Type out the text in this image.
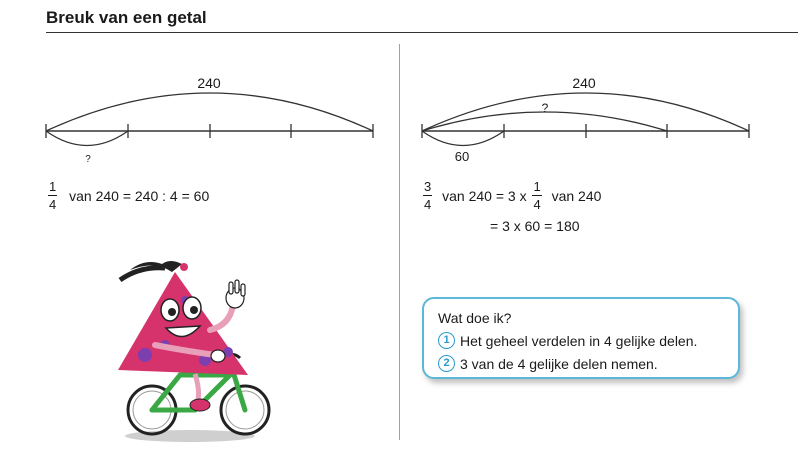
Breuk van een getal
240
?
240
?
60
$\frac{1}{4}$ van 240 = 240 : 4 = 60	$\frac{3}{4}$ van 240 = 3 x $\frac{1}{4}$ van 240
= 3 x 60 = 180
Wat doe ik?
1 Het geheel verdelen in 4 gelijke delen.
2 3 van de 4 gelijke delen nemen.
